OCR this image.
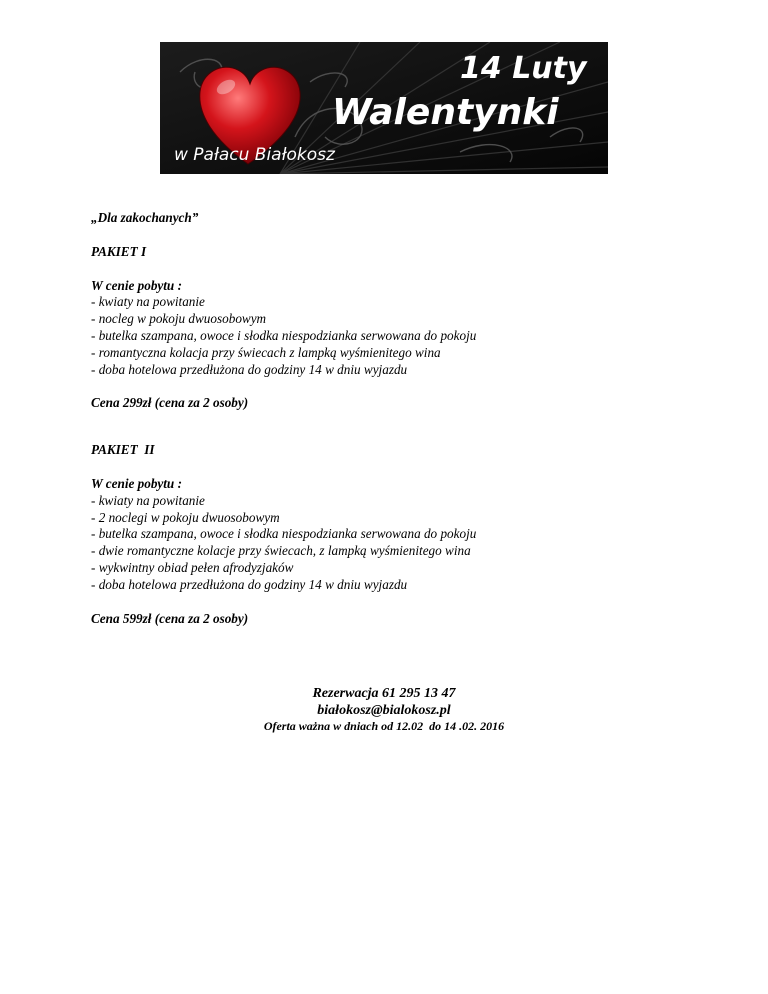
14 Luty
Walentynki
w Pałacu Białokosz
„Dla zakochanych”
PAKIET I
W cenie pobytu :
- kwiaty na powitanie
- nocleg w pokoju dwuosobowym
- butelka szampana, owoce i słodka niespodzianka serwowana do pokoju
- romantyczna kolacja przy świecach z lampką wyśmienitego wina
- doba hotelowa przedłużona do godziny 14 w dniu wyjazdu
Cena 299zł (cena za 2 osoby)
PAKIET  II
W cenie pobytu :
- kwiaty na powitanie
- 2 noclegi w pokoju dwuosobowym
- butelka szampana, owoce i słodka niespodzianka serwowana do pokoju
- dwie romantyczne kolacje przy świecach, z lampką wyśmienitego wina
- wykwintny obiad pełen afrodyzjaków
- doba hotelowa przedłużona do godziny 14 w dniu wyjazdu
Cena 599zł (cena za 2 osoby)
Rezerwacja 61 295 13 47
białokosz@bialokosz.pl
Oferta ważna w dniach od 12.02  do 14 .02. 2016
